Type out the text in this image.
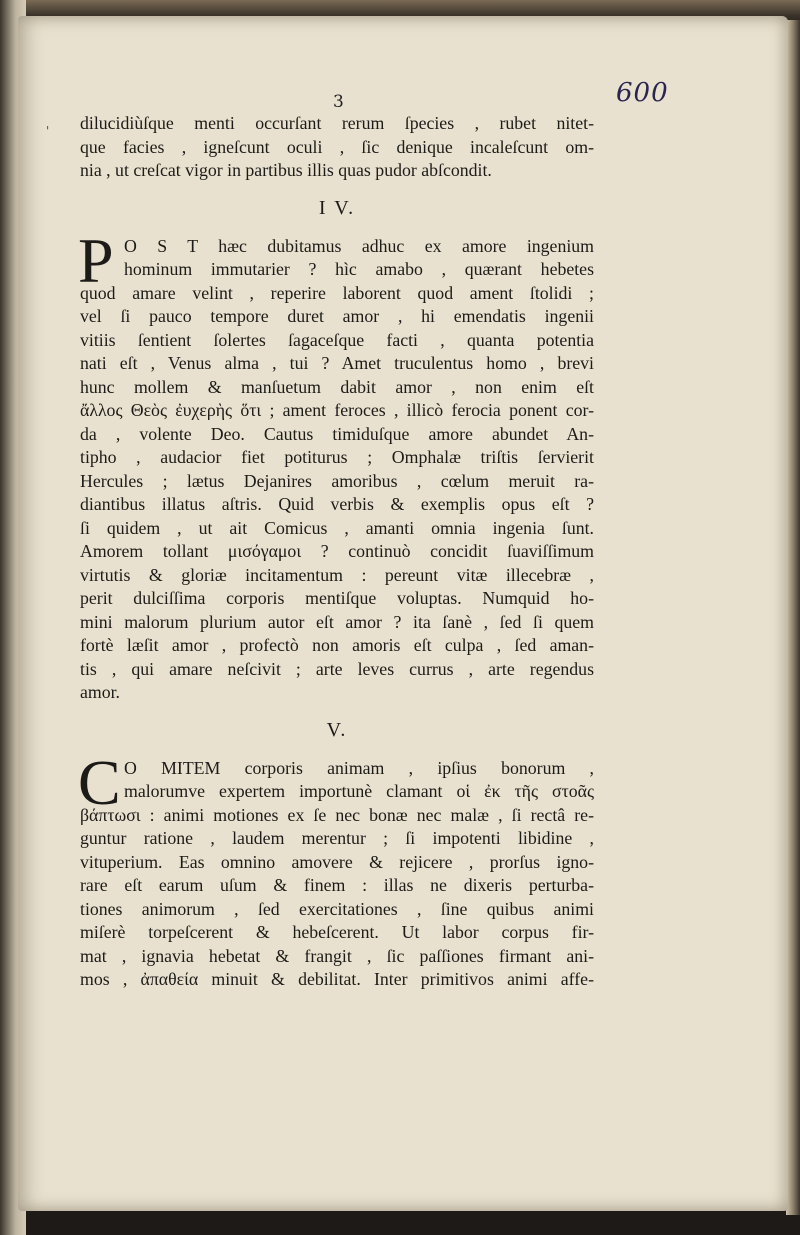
600
3
' dilucidiùſque menti occurſant rerum ſpecies , rubet nitet-
que facies , igneſcunt oculi , ſic denique incaleſcunt om-
nia , ut creſcat vigor in partibus illis quas pudor abſcondit.
I V.
P O S T hæc dubitamus adhuc ex amore ingenium
hominum immutarier ? hìc amabo , quærant hebetes
quod amare velint , reperire laborent quod ament ſtolidi ;
vel ſi pauco tempore duret amor , hi emendatis ingenii
vitiis ſentient ſolertes ſagaceſque facti , quanta potentia
nati eſt , Venus alma , tui ? Amet truculentus homo , brevi
hunc mollem & manſuetum dabit amor , non enim eſt
ἄλλος Θεὸς ἐυχερὴς ὅτι ; ament feroces , illicò ferocia ponent cor-
da , volente Deo. Cautus timiduſque amore abundet An-
tipho , audacior fiet potiturus ; Omphalæ triſtis ſervierit
Hercules ; lætus Dejanires amoribus , cœlum meruit ra-
diantibus illatus aſtris. Quid verbis & exemplis opus eſt ?
ſi quidem , ut ait Comicus , amanti omnia ingenia ſunt.
Amorem tollant μισόγαμοι ? continuò concidit ſuaviſſimum
virtutis & gloriæ incitamentum : pereunt vitæ illecebræ ,
perit dulciſſima corporis mentiſque voluptas. Numquid ho-
mini malorum plurium autor eſt amor ? ita ſanè , ſed ſi quem
fortè læſit amor , profectò non amoris eſt culpa , ſed aman-
tis , qui amare neſcivit ; arte leves currus , arte regendus
amor.
V.
C O MITEM corporis animam , ipſius bonorum ,
malorumve expertem importunè clamant οἱ ἐκ τῆς στοᾶς
βάπτωσι : animi motiones ex ſe nec bonæ nec malæ , ſi rectâ re-
guntur ratione , laudem merentur ; ſi impotenti libidine ,
vituperium. Eas omnino amovere & rejicere , prorſus igno-
rare eſt earum uſum & finem : illas ne dixeris perturba-
tiones animorum , ſed exercitationes , ſine quibus animi
miſerè torpeſcerent & hebeſcerent. Ut labor corpus fir-
mat , ignavia hebetat & frangit , ſic paſſiones firmant ani-
mos , ἀπαθεία minuit & debilitat. Inter primitivos animi affe-
